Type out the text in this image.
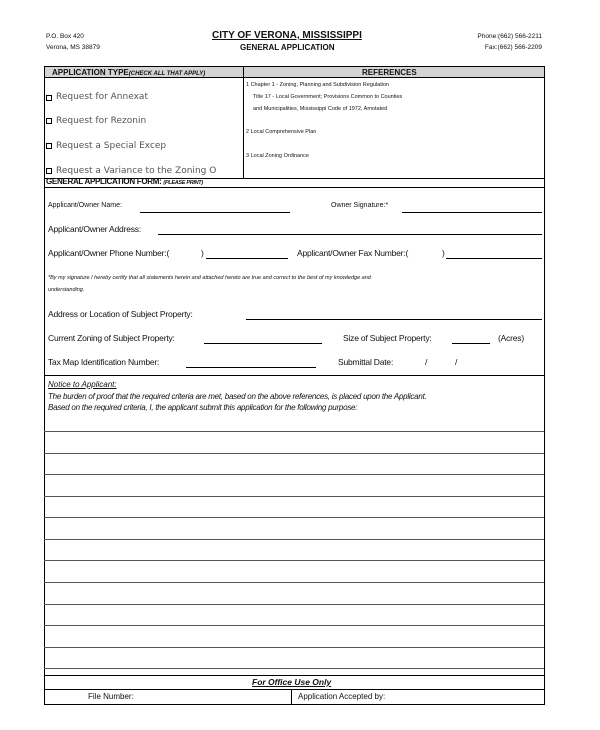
P.O. Box 420
Verona, MS 38879
CITY OF VERONA, MISSISSIPPI
GENERAL APPLICATION
Phone:(662) 566-2211
Fax:(662) 566-2209
APPLICATION TYPE(CHECK ALL THAT APPLY)	REFERENCES
Request for Annexat
Request for Rezonin
Request a Special Excep
Request a Variance to the Zoning O
1 Chapter 1 - Zoning, Planning and Subdivision Regulation
Title 17 - Local Government; Provisions Common to Counties
and Municipalities, Mississippi Code of 1972, Amotated
2 Local Comprehensive Plan
3 Local Zoning Ordinance
GENERAL APPLICATION FORM: (PLEASE PRINT)
Applicant/Owner Name:	Owner Signature:*
Applicant/Owner Address:
Applicant/Owner Phone Number:(	)	Applicant/Owner Fax Number:(	)
*By my signature I hereby certify that all statements herein and attached hereto are true and correct to the best of my knowledge and
understanding.
Address or Location of Subject Property:
Current Zoning of Subject Property:	Size of Subject Property:	(Acres)
Tax Map Identification Number:	Submittal Date:	/	/
Notice to Applicant:
The burden of proof that the required criteria are met, based on the above references, is placed upon the Applicant.
Based on the required criteria, I, the applicant submit this application for the following purpose:
For Office Use Only
File Number:	Application Accepted by:
